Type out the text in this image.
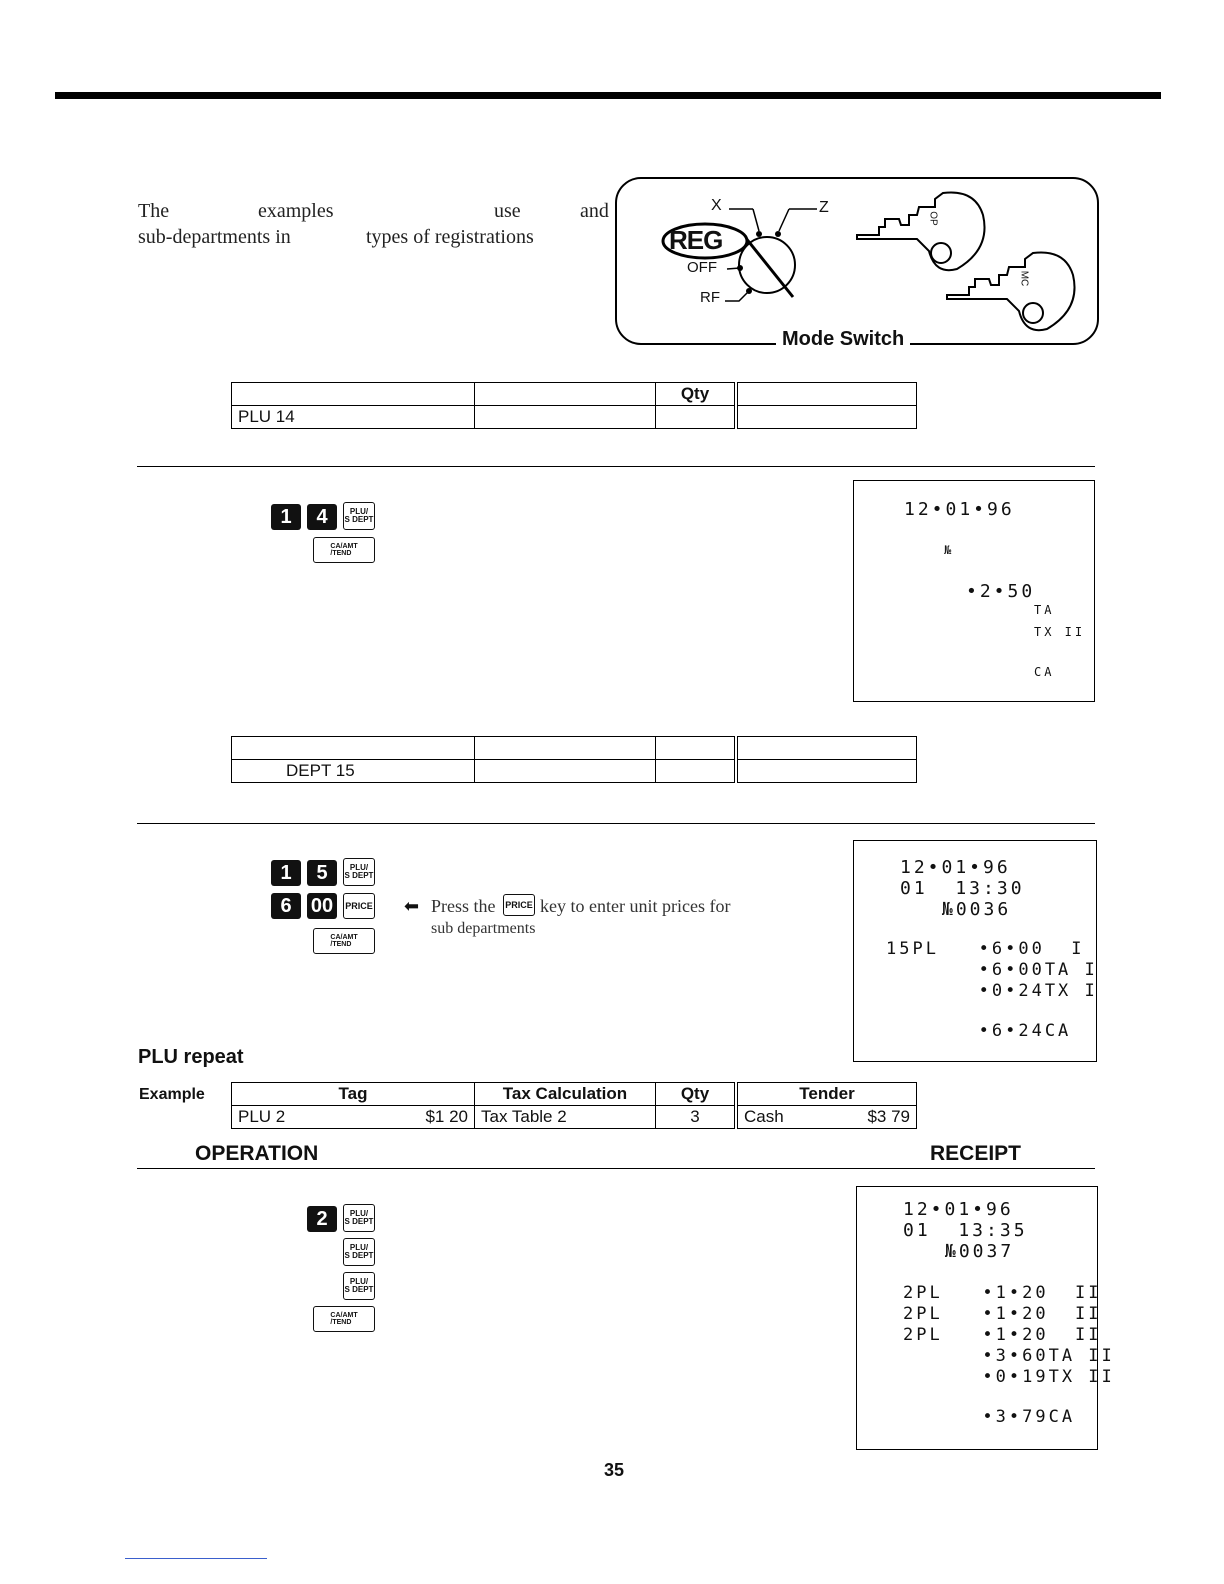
The	examples	use	and
sub-departments in	types of registrations
X	Z
REG
OFF
RF
OP
MC
Mode Switch
		Qty	
PLU 14			
1	4	PLU/
S DEPT
CA/AMT
/TEND
12•01•96
№
•2•50
TA
TX II
CA

DEPT 15			
1	5	PLU/
S DEPT
6 00	PRICE
CA/AMT
/TEND
⬅ Press the PRICE key to enter unit prices for
sub departments
12•01•96
01  13:30
№0036
15PL   •6•00  I
•6•00TA I
•0•24TX I
•6•24CA
PLU repeat
Example	Tag	Tax Calculation	Qty	Tender
PLU 2 $1 20	Tax Table 2	3	Cash $3 79
OPERATION	RECEIPT
2	PLU/
S DEPT
PLU/
S DEPT
PLU/
S DEPT
CA/AMT
/TEND
12•01•96
01  13:35
№0037
2PL   •1•20  II
2PL   •1•20  II
2PL   •1•20  II
•3•60TA II
•0•19TX II
•3•79CA
35
